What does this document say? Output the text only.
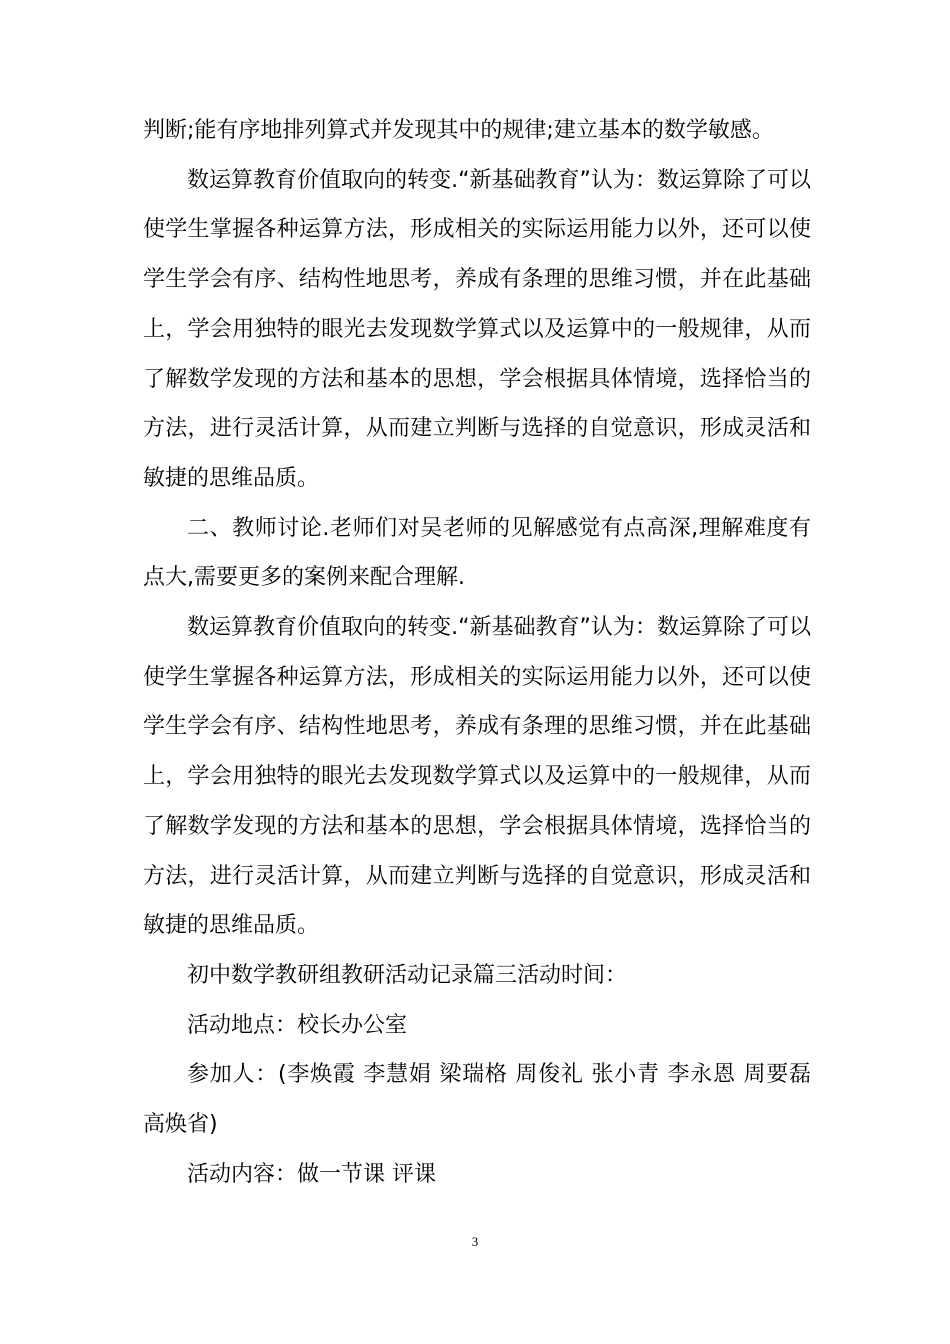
判断;能有序地排列算式并发现其中的规律;建立基本的数学敏感。

数运算教育价值取向的转变.“新基础教育”认为：数运算除了可以使学生掌握各种运算方法，形成相关的实际运用能力以外，还可以使学生学会有序、结构性地思考，养成有条理的思维习惯，并在此基础上，学会用独特的眼光去发现数学算式以及运算中的一般规律，从而了解数学发现的方法和基本的思想，学会根据具体情境，选择恰当的方法，进行灵活计算，从而建立判断与选择的自觉意识，形成灵活和敏捷的思维品质。

二、教师讨论.老师们对吴老师的见解感觉有点高深,理解难度有点大,需要更多的案例来配合理解.

数运算教育价值取向的转变.“新基础教育”认为：数运算除了可以使学生掌握各种运算方法，形成相关的实际运用能力以外，还可以使学生学会有序、结构性地思考，养成有条理的思维习惯，并在此基础上，学会用独特的眼光去发现数学算式以及运算中的一般规律，从而了解数学发现的方法和基本的思想，学会根据具体情境，选择恰当的方法，进行灵活计算，从而建立判断与选择的自觉意识，形成灵活和敏捷的思维品质。

初中数学教研组教研活动记录篇三活动时间：

活动地点：校长办公室

参加人：(李焕霞 李慧娟 梁瑞格 周俊礼 张小青 李永恩 周要磊 高焕省)

活动内容：做一节课 评课

3
